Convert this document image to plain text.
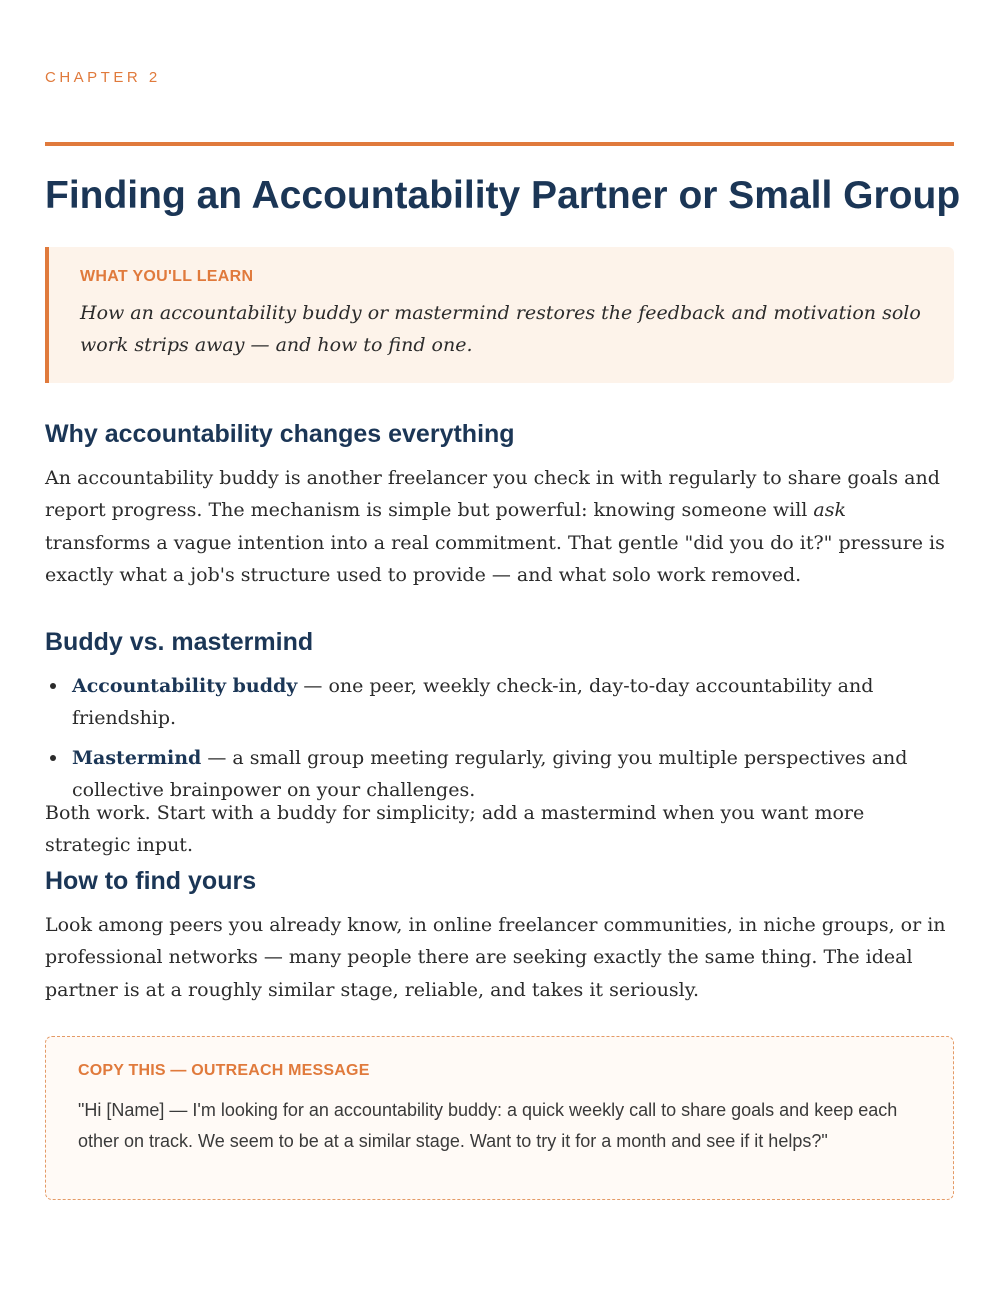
CHAPTER 2
Finding an Accountability Partner or Small Group
WHAT YOU'LL LEARN
How an accountability buddy or mastermind restores the feedback and motivation solo work strips away — and how to find one.
Why accountability changes everything

An accountability buddy is another freelancer you check in with regularly to share goals and report progress. The mechanism is simple but powerful: knowing someone will ask transforms a vague intention into a real commitment. That gentle "did you do it?" pressure is exactly what a job's structure used to provide — and what solo work removed.

Buddy vs. mastermind
Accountability buddy — one peer, weekly check-in, day-to-day accountability and friendship.
Mastermind — a small group meeting regularly, giving you multiple perspectives and collective brainpower on your challenges.

Both work. Start with a buddy for simplicity; add a mastermind when you want more strategic input.

How to find yours

Look among peers you already know, in online freelancer communities, in niche groups, or in professional networks — many people there are seeking exactly the same thing. The ideal partner is at a roughly similar stage, reliable, and takes it seriously.

COPY THIS — OUTREACH MESSAGE
"Hi [Name] — I'm looking for an accountability buddy: a quick weekly call to share goals and keep each other on track. We seem to be at a similar stage. Want to try it for a month and see if it helps?"
